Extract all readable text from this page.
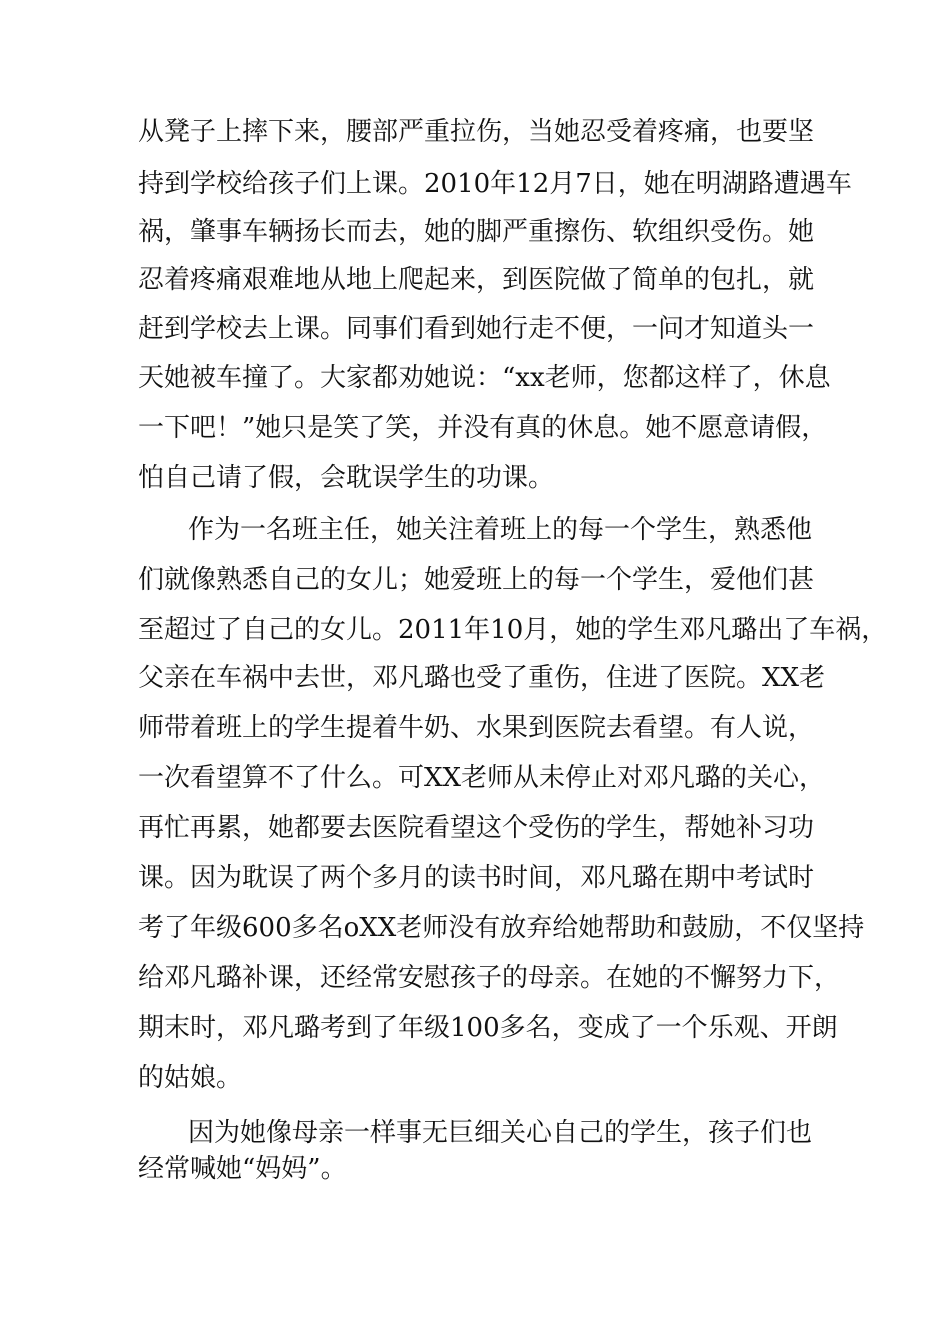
从凳子上摔下来，腰部严重拉伤，当她忍受着疼痛，也要坚

持到学校给孩子们上课。2010年12月7日，她在明湖路遭遇车

祸，肇事车辆扬长而去，她的脚严重擦伤、软组织受伤。她

忍着疼痛艰难地从地上爬起来，到医院做了简单的包扎，就

赶到学校去上课。同事们看到她行走不便，一问才知道头一

天她被车撞了。大家都劝她说：“xx老师，您都这样了，休息

一下吧！”她只是笑了笑，并没有真的休息。她不愿意请假，

怕自己请了假，会耽误学生的功课。

作为一名班主任，她关注着班上的每一个学生，熟悉他

们就像熟悉自己的女儿；她爱班上的每一个学生，爱他们甚

至超过了自己的女儿。2011年10月，她的学生邓凡璐出了车祸，

父亲在车祸中去世，邓凡璐也受了重伤，住进了医院。XX老

师带着班上的学生提着牛奶、水果到医院去看望。有人说，

一次看望算不了什么。可XX老师从未停止对邓凡璐的关心，

再忙再累，她都要去医院看望这个受伤的学生，帮她补习功

课。因为耽误了两个多月的读书时间，邓凡璐在期中考试时

考了年级600多名oXX老师没有放弃给她帮助和鼓励，不仅坚持

给邓凡璐补课，还经常安慰孩子的母亲。在她的不懈努力下，

期末时，邓凡璐考到了年级100多名，变成了一个乐观、开朗

的姑娘。

因为她像母亲一样事无巨细关心自己的学生，孩子们也

经常喊她“妈妈”。
